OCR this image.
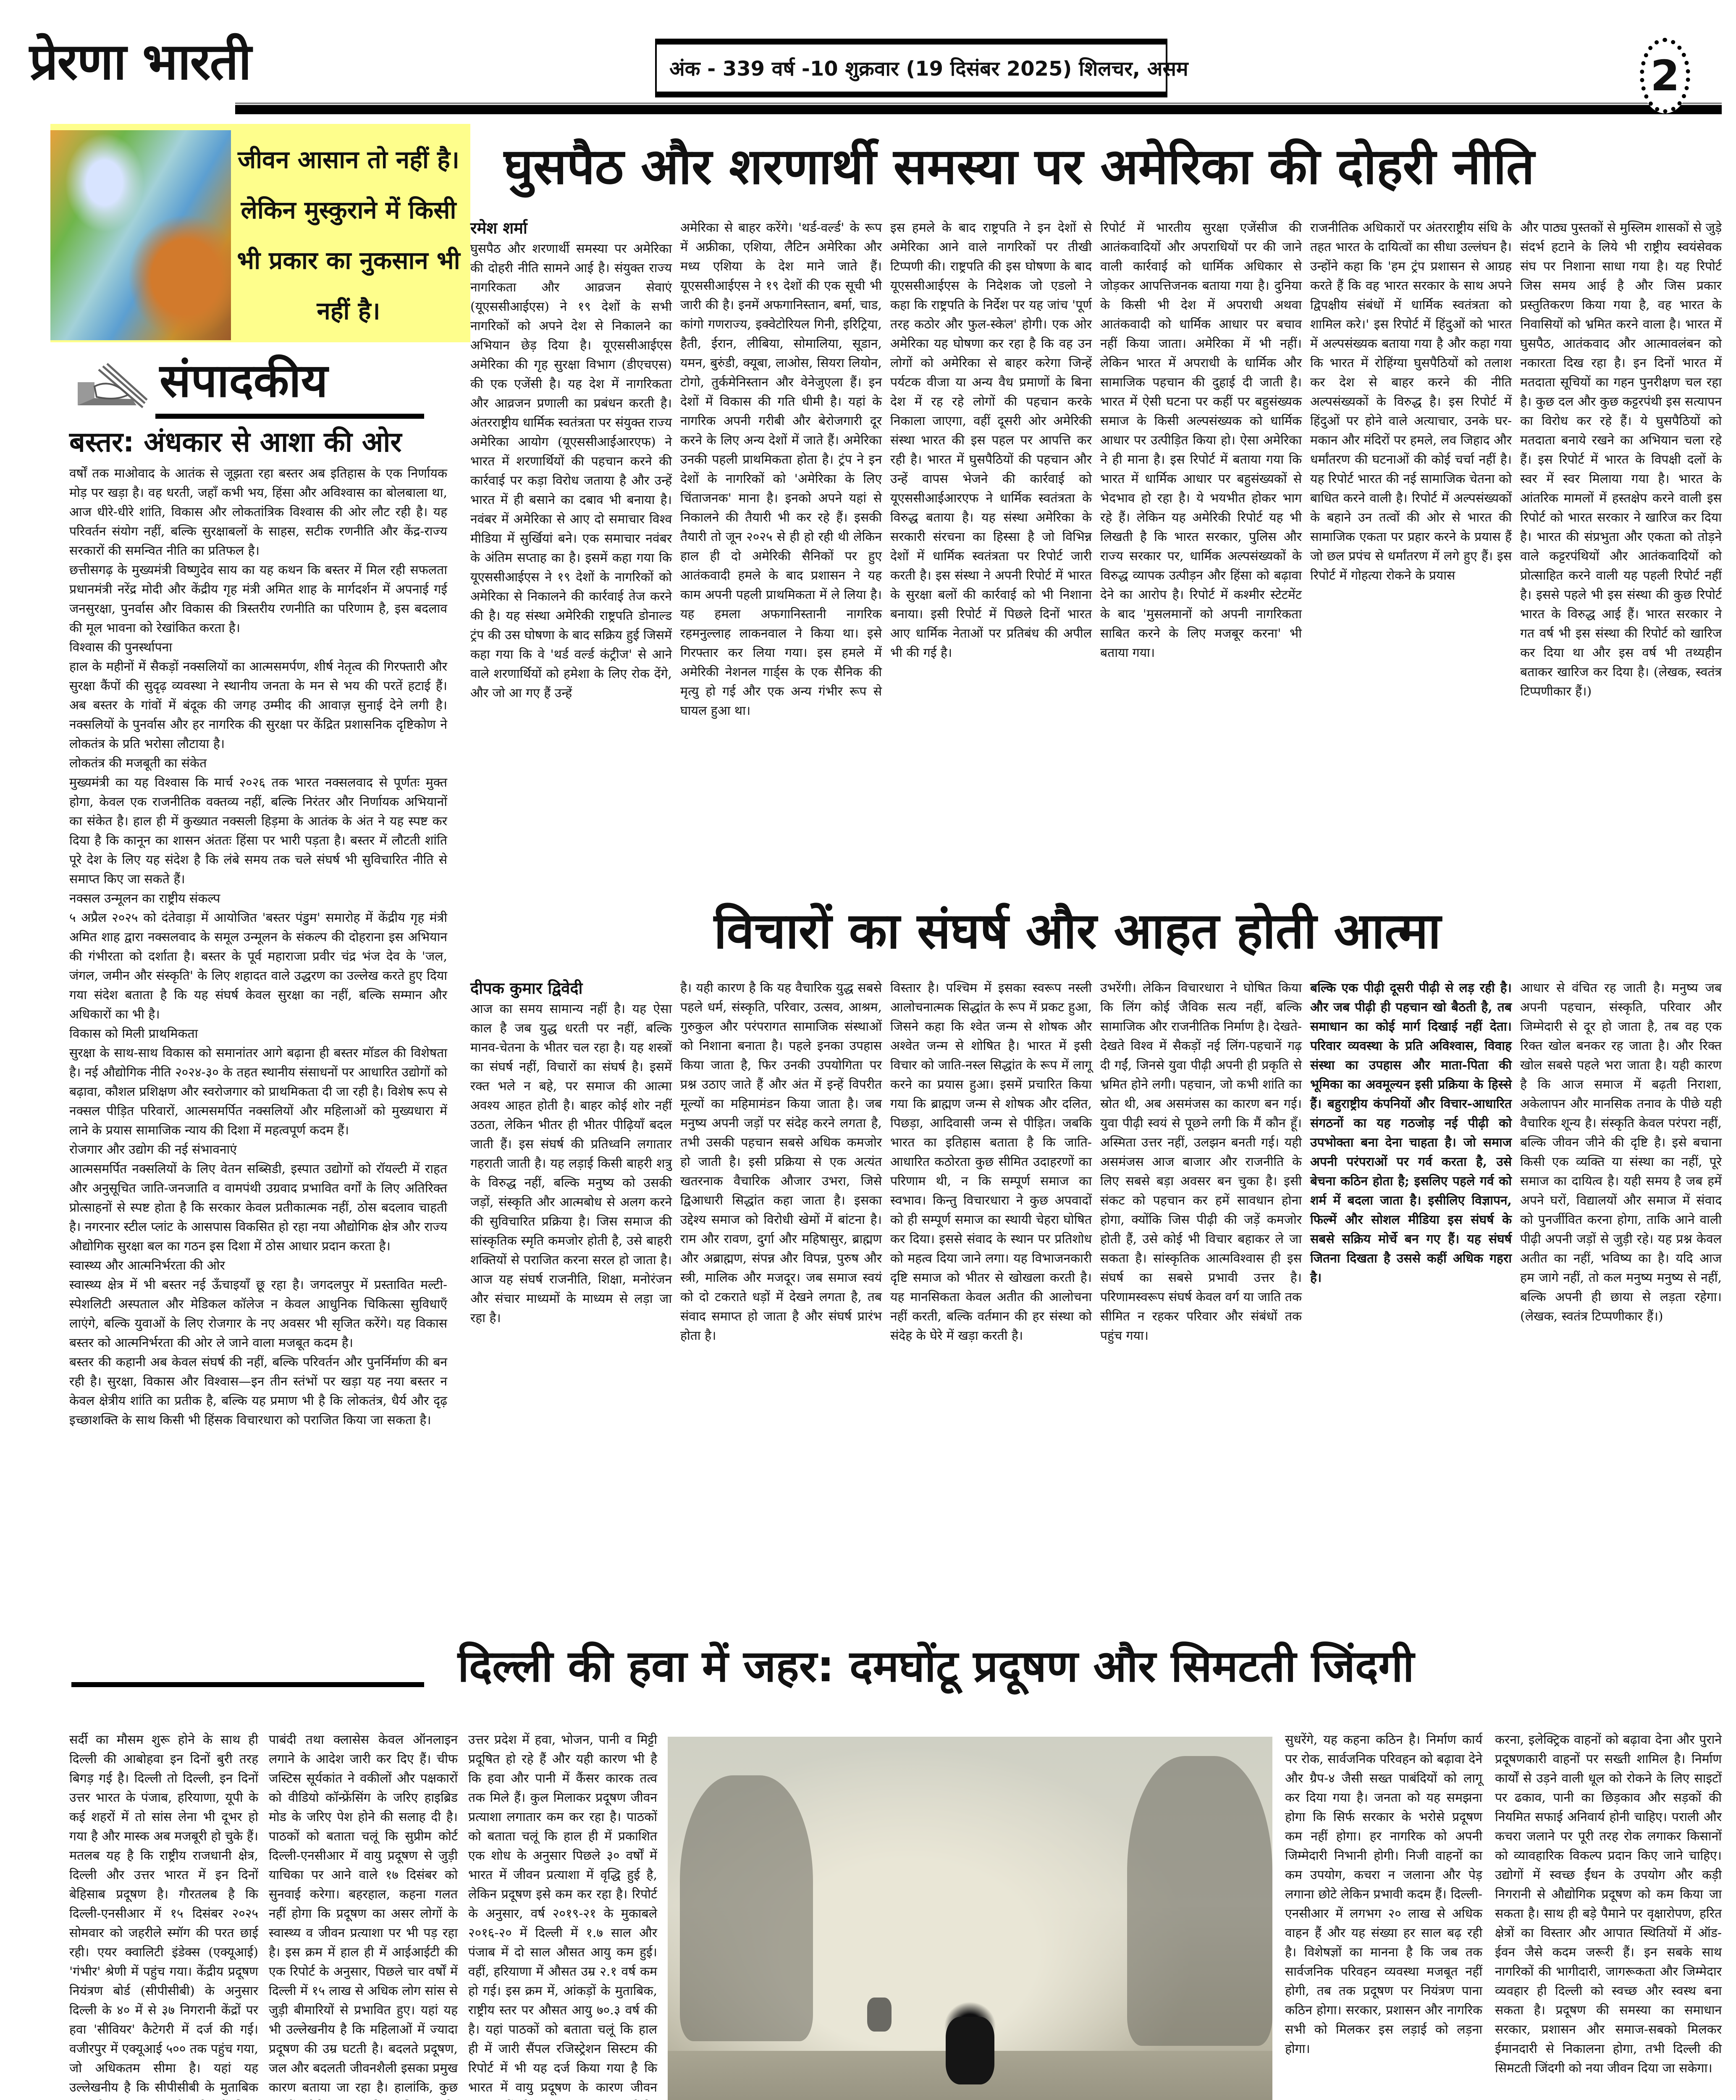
प्रेरणा भारती	अंक - 339 वर्ष -10 शुक्रवार (19 दिसंबर 2025) शिलचर, असम	2
जीवन आसान तो नहीं है। लेकिन मुस्कुराने में किसी भी प्रकार का नुकसान भी नहीं है।
संपादकीय
बस्तर: अंधकार से आशा की ओर

वर्षों तक माओवाद के आतंक से जूझता रहा बस्तर अब इतिहास के एक निर्णायक मोड़ पर खड़ा है। वह धरती, जहाँ कभी भय, हिंसा और अविश्वास का बोलबाला था, आज धीरे-धीरे शांति, विकास और लोकतांत्रिक विश्वास की ओर लौट रही है। यह परिवर्तन संयोग नहीं, बल्कि सुरक्षाबलों के साहस, सटीक रणनीति और केंद्र-राज्य सरकारों की समन्वित नीति का प्रतिफल है।

छत्तीसगढ़ के मुख्यमंत्री विष्णुदेव साय का यह कथन कि बस्तर में मिल रही सफलता प्रधानमंत्री नरेंद्र मोदी और केंद्रीय गृह मंत्री अमित शाह के मार्गदर्शन में अपनाई गई जनसुरक्षा, पुनर्वास और विकास की त्रिस्तरीय रणनीति का परिणाम है, इस बदलाव की मूल भावना को रेखांकित करता है।

विश्वास की पुनर्स्थापना

हाल के महीनों में सैकड़ों नक्सलियों का आत्मसमर्पण, शीर्ष नेतृत्व की गिरफ्तारी और सुरक्षा कैंपों की सुदृढ़ व्यवस्था ने स्थानीय जनता के मन से भय की परतें हटाई हैं। अब बस्तर के गांवों में बंदूक की जगह उम्मीद की आवाज़ सुनाई देने लगी है। नक्सलियों के पुनर्वास और हर नागरिक की सुरक्षा पर केंद्रित प्रशासनिक दृष्टिकोण ने लोकतंत्र के प्रति भरोसा लौटाया है।

लोकतंत्र की मजबूती का संकेत

मुख्यमंत्री का यह विश्वास कि मार्च २०२६ तक भारत नक्सलवाद से पूर्णतः मुक्त होगा, केवल एक राजनीतिक वक्तव्य नहीं, बल्कि निरंतर और निर्णायक अभियानों का संकेत है। हाल ही में कुख्यात नक्सली हिड़मा के आतंक के अंत ने यह स्पष्ट कर दिया है कि कानून का शासन अंततः हिंसा पर भारी पड़ता है। बस्तर में लौटती शांति पूरे देश के लिए यह संदेश है कि लंबे समय तक चले संघर्ष भी सुविचारित नीति से समाप्त किए जा सकते हैं।

नक्सल उन्मूलन का राष्ट्रीय संकल्प

५ अप्रैल २०२५ को दंतेवाड़ा में आयोजित 'बस्तर पंडुम' समारोह में केंद्रीय गृह मंत्री अमित शाह द्वारा नक्सलवाद के समूल उन्मूलन के संकल्प की दोहराना इस अभियान की गंभीरता को दर्शाता है। बस्तर के पूर्व महाराजा प्रवीर चंद्र भंज देव के 'जल, जंगल, जमीन और संस्कृति' के लिए शहादत वाले उद्धरण का उल्लेख करते हुए दिया गया संदेश बताता है कि यह संघर्ष केवल सुरक्षा का नहीं, बल्कि सम्मान और अधिकारों का भी है।

विकास को मिली प्राथमिकता

सुरक्षा के साथ-साथ विकास को समानांतर आगे बढ़ाना ही बस्तर मॉडल की विशेषता है। नई औद्योगिक नीति २०२४-३० के तहत स्थानीय संसाधनों पर आधारित उद्योगों को बढ़ावा, कौशल प्रशिक्षण और स्वरोजगार को प्राथमिकता दी जा रही है। विशेष रूप से नक्सल पीड़ित परिवारों, आत्मसमर्पित नक्सलियों और महिलाओं को मुख्यधारा में लाने के प्रयास सामाजिक न्याय की दिशा में महत्वपूर्ण कदम हैं।

रोजगार और उद्योग की नई संभावनाएं

आत्मसमर्पित नक्सलियों के लिए वेतन सब्सिडी, इस्पात उद्योगों को रॉयल्टी में राहत और अनुसूचित जाति-जनजाति व वामपंथी उग्रवाद प्रभावित वर्गों के लिए अतिरिक्त प्रोत्साहनों से स्पष्ट होता है कि सरकार केवल प्रतीकात्मक नहीं, ठोस बदलाव चाहती है। नगरनार स्टील प्लांट के आसपास विकसित हो रहा नया औद्योगिक क्षेत्र और राज्य औद्योगिक सुरक्षा बल का गठन इस दिशा में ठोस आधार प्रदान करता है।

स्वास्थ्य और आत्मनिर्भरता की ओर

स्वास्थ्य क्षेत्र में भी बस्तर नई ऊँचाइयाँ छू रहा है। जगदलपुर में प्रस्तावित मल्टी-स्पेशलिटी अस्पताल और मेडिकल कॉलेज न केवल आधुनिक चिकित्सा सुविधाएँ लाएंगे, बल्कि युवाओं के लिए रोजगार के नए अवसर भी सृजित करेंगे। यह विकास बस्तर को आत्मनिर्भरता की ओर ले जाने वाला मजबूत कदम है।

बस्तर की कहानी अब केवल संघर्ष की नहीं, बल्कि परिवर्तन और पुनर्निर्माण की बन रही है। सुरक्षा, विकास और विश्वास—इन तीन स्तंभों पर खड़ा यह नया बस्तर न केवल क्षेत्रीय शांति का प्रतीक है, बल्कि यह प्रमाण भी है कि लोकतंत्र, धैर्य और दृढ़ इच्छाशक्ति के साथ किसी भी हिंसक विचारधारा को पराजित किया जा सकता है।

घुसपैठ और शरणार्थी समस्या पर अमेरिका की दोहरी नीति
रमेश शर्मा

घुसपैठ और शरणार्थी समस्या पर अमेरिका की दोहरी नीति सामने आई है। संयुक्त राज्य नागरिकता और आव्रजन सेवाएं (यूएससीआईएस) ने १९ देशों के सभी नागरिकों को अपने देश से निकालने का अभियान छेड़ दिया है। यूएससीआईएस अमेरिका की गृह सुरक्षा विभाग (डीएचएस) की एक एजेंसी है। यह देश में नागरिकता और आव्रजन प्रणाली का प्रबंधन करती है। अंतरराष्ट्रीय धार्मिक स्वतंत्रता पर संयुक्त राज्य अमेरिका आयोग (यूएससीआईआरएफ) ने भारत में शरणार्थियों की पहचान करने की कार्रवाई पर कड़ा विरोध जताया है और उन्हें भारत में ही बसाने का दबाव भी बनाया है। नवंबर में अमेरिका से आए दो समाचार विश्व मीडिया में सुर्खियां बने। एक समाचार नवंबर के अंतिम सप्ताह का है। इसमें कहा गया कि यूएससीआईएस ने १९ देशों के नागरिकों को अमेरिका से निकालने की कार्रवाई तेज करने की है। यह संस्था अमेरिकी राष्ट्रपति डोनाल्ड ट्रंप की उस घोषणा के बाद सक्रिय हुई जिसमें कहा गया कि वे 'थर्ड वर्ल्ड कंट्रीज' से आने वाले शरणार्थियों को हमेशा के लिए रोक देंगे, और जो आ गए हैं उन्हें

अमेरिका से बाहर करेंगे। 'थर्ड-वर्ल्ड' के रूप में अफ्रीका, एशिया, लैटिन अमेरिका और मध्य एशिया के देश माने जाते हैं। यूएससीआईएस ने १९ देशों की एक सूची भी जारी की है। इनमें अफगानिस्तान, बर्मा, चाड, कांगो गणराज्य, इक्वेटोरियल गिनी, इरिट्रिया, हैती, ईरान, लीबिया, सोमालिया, सूडान, यमन, बुरुंडी, क्यूबा, लाओस, सियरा लियोन, टोगो, तुर्कमेनिस्तान और वेनेजुएला हैं। इन देशों में विकास की गति धीमी है। यहां के नागरिक अपनी गरीबी और बेरोजगारी दूर करने के लिए अन्य देशों में जाते हैं। अमेरिका उनकी पहली प्राथमिकता होता है। ट्रंप ने इन देशों के नागरिकों को 'अमेरिका के लिए चिंताजनक' माना है। इनको अपने यहां से निकालने की तैयारी भी कर रहे हैं। इसकी तैयारी तो जून २०२५ से ही हो रही थी लेकिन हाल ही दो अमेरिकी सैनिकों पर हुए आतंकवादी हमले के बाद प्रशासन ने यह काम अपनी पहली प्राथमिकता में ले लिया है। यह हमला अफगानिस्तानी नागरिक रहमनुल्लाह लाकनवाल ने किया था। इसे गिरफ्तार कर लिया गया। इस हमले में अमेरिकी नेशनल गार्ड्स के एक सैनिक की मृत्यु हो गई और एक अन्य गंभीर रूप से घायल हुआ था।

इस हमले के बाद राष्ट्रपति ने इन देशों से अमेरिका आने वाले नागरिकों पर तीखी टिप्पणी की। राष्ट्रपति की इस घोषणा के बाद यूएससीआईएस के निदेशक जो एडलो ने कहा कि राष्ट्रपति के निर्देश पर यह जांच 'पूर्ण तरह कठोर और फुल-स्केल' होगी। एक ओर अमेरिका यह घोषणा कर रहा है कि वह उन लोगों को अमेरिका से बाहर करेगा जिन्हें पर्यटक वीजा या अन्य वैध प्रमाणों के बिना देश में रह रहे लोगों की पहचान करके निकाला जाएगा, वहीं दूसरी ओर अमेरिकी संस्था भारत की इस पहल पर आपत्ति कर रही है। भारत में घुसपैठियों की पहचान और उन्हें वापस भेजने की कार्रवाई को यूएससीआईआरएफ ने धार्मिक स्वतंत्रता के विरुद्ध बताया है। यह संस्था अमेरिका के सरकारी संरचना का हिस्सा है जो विभिन्न देशों में धार्मिक स्वतंत्रता पर रिपोर्ट जारी करती है। इस संस्था ने अपनी रिपोर्ट में भारत के सुरक्षा बलों की कार्रवाई को भी निशाना बनाया। इसी रिपोर्ट में पिछले दिनों भारत आए धार्मिक नेताओं पर प्रतिबंध की अपील भी की गई है।

रिपोर्ट में भारतीय सुरक्षा एजेंसीज की आतंकवादियों और अपराधियों पर की जाने वाली कार्रवाई को धार्मिक अधिकार से जोड़कर आपत्तिजनक बताया गया है। दुनिया के किसी भी देश में अपराधी अथवा आतंकवादी को धार्मिक आधार पर बचाव नहीं किया जाता। अमेरिका में भी नहीं। लेकिन भारत में अपराधी के धार्मिक और सामाजिक पहचान की दुहाई दी जाती है। भारत में ऐसी घटना पर कहीं पर बहुसंख्यक समाज के किसी अल्पसंख्यक को धार्मिक आधार पर उत्पीड़ित किया हो। ऐसा अमेरिका ने ही माना है। इस रिपोर्ट में बताया गया कि भारत में धार्मिक आधार पर बहुसंख्यकों से भेदभाव हो रहा है। ये भयभीत होकर भाग रहे हैं। लेकिन यह अमेरिकी रिपोर्ट यह भी लिखती है कि भारत सरकार, पुलिस और राज्य सरकार पर, धार्मिक अल्पसंख्यकों के विरुद्ध व्यापक उत्पीड़न और हिंसा को बढ़ावा देने का आरोप है। रिपोर्ट में कश्मीर स्टेटमेंट के बाद 'मुसलमानों को अपनी नागरिकता साबित करने के लिए मजबूर करना' भी बताया गया।

राजनीतिक अधिकारों पर अंतरराष्ट्रीय संधि के तहत भारत के दायित्वों का सीधा उल्लंघन है। उन्होंने कहा कि 'हम ट्रंप प्रशासन से आग्रह करते हैं कि वह भारत सरकार के साथ अपने द्विपक्षीय संबंधों में धार्मिक स्वतंत्रता को शामिल करे।' इस रिपोर्ट में हिंदुओं को भारत में अल्पसंख्यक बताया गया है और कहा गया कि भारत में रोहिंग्या घुसपैठियों को तलाश कर देश से बाहर करने की नीति अल्पसंख्यकों के विरुद्ध है। इस रिपोर्ट में हिंदुओं पर होने वाले अत्याचार, उनके घर-मकान और मंदिरों पर हमले, लव जिहाद और धर्मांतरण की घटनाओं की कोई चर्चा नहीं है। यह रिपोर्ट भारत की नई सामाजिक चेतना को बाधित करने वाली है। रिपोर्ट में अल्पसंख्यकों के बहाने उन तत्वों की ओर से भारत की सामाजिक एकता पर प्रहार करने के प्रयास हैं जो छल प्रपंच से धर्मांतरण में लगे हुए हैं। इस रिपोर्ट में गोहत्या रोकने के प्रयास

और पाठ्य पुस्तकों से मुस्लिम शासकों से जुड़े संदर्भ हटाने के लिये भी राष्ट्रीय स्वयंसेवक संघ पर निशाना साधा गया है। यह रिपोर्ट जिस समय आई है और जिस प्रकार प्रस्तुतिकरण किया गया है, वह भारत के निवासियों को भ्रमित करने वाला है। भारत में घुसपैठ, आतंकवाद और आत्मावलंबन को नकारता दिख रहा है। इन दिनों भारत में मतदाता सूचियों का गहन पुनरीक्षण चल रहा है। कुछ दल और कुछ कट्टरपंथी इस सत्यापन का विरोध कर रहे हैं। ये घुसपैठियों को मतदाता बनाये रखने का अभियान चला रहे हैं। इस रिपोर्ट में भारत के विपक्षी दलों के स्वर में स्वर मिलाया गया है। भारत के आंतरिक मामलों में हस्तक्षेप करने वाली इस रिपोर्ट को भारत सरकार ने खारिज कर दिया है। भारत की संप्रभुता और एकता को तोड़ने वाले कट्टरपंथियों और आतंकवादियों को प्रोत्साहित करने वाली यह पहली रिपोर्ट नहीं है। इससे पहले भी इस संस्था की कुछ रिपोर्ट भारत के विरुद्ध आई हैं। भारत सरकार ने गत वर्ष भी इस संस्था की रिपोर्ट को खारिज कर दिया था और इस वर्ष भी तथ्यहीन बताकर खारिज कर दिया है। (लेखक, स्वतंत्र टिप्पणीकार हैं।)

विचारों का संघर्ष और आहत होती आत्मा
दीपक कुमार द्विवेदी

आज का समय सामान्य नहीं है। यह ऐसा काल है जब युद्ध धरती पर नहीं, बल्कि मानव-चेतना के भीतर चल रहा है। यह शस्त्रों का संघर्ष नहीं, विचारों का संघर्ष है। इसमें रक्त भले न बहे, पर समाज की आत्मा अवश्य आहत होती है। बाहर कोई शोर नहीं उठता, लेकिन भीतर ही भीतर पीढ़ियाँ बदल जाती हैं। इस संघर्ष की प्रतिध्वनि लगातार गहराती जाती है। यह लड़ाई किसी बाहरी शत्रु के विरुद्ध नहीं, बल्कि मनुष्य को उसकी जड़ों, संस्कृति और आत्मबोध से अलग करने की सुविचारित प्रक्रिया है। जिस समाज की सांस्कृतिक स्मृति कमजोर होती है, उसे बाहरी शक्तियों से पराजित करना सरल हो जाता है। आज यह संघर्ष राजनीति, शिक्षा, मनोरंजन और संचार माध्यमों के माध्यम से लड़ा जा रहा है।

है। यही कारण है कि यह वैचारिक युद्ध सबसे पहले धर्म, संस्कृति, परिवार, उत्सव, आश्रम, गुरुकुल और परंपरागत सामाजिक संस्थाओं को निशाना बनाता है। पहले इनका उपहास किया जाता है, फिर उनकी उपयोगिता पर प्रश्न उठाए जाते हैं और अंत में इन्हें विपरीत मूल्यों का महिमामंडन किया जाता है। जब मनुष्य अपनी जड़ों पर संदेह करने लगता है, तभी उसकी पहचान सबसे अधिक कमजोर हो जाती है। इसी प्रक्रिया से एक अत्यंत खतरनाक वैचारिक औजार उभरा, जिसे द्विआधारी सिद्धांत कहा जाता है। इसका उद्देश्य समाज को विरोधी खेमों में बांटना है। राम और रावण, दुर्गा और महिषासुर, ब्राह्मण और अब्राह्मण, संपन्न और विपन्न, पुरुष और स्त्री, मालिक और मजदूर। जब समाज स्वयं को दो टकराते धड़ों में देखने लगता है, तब संवाद समाप्त हो जाता है और संघर्ष प्रारंभ होता है।

विस्तार है। पश्चिम में इसका स्वरूप नस्ली आलोचनात्मक सिद्धांत के रूप में प्रकट हुआ, जिसने कहा कि श्वेत जन्म से शोषक और अश्वेत जन्म से शोषित है। भारत में इसी विचार को जाति-नस्ल सिद्धांत के रूप में लागू करने का प्रयास हुआ। इसमें प्रचारित किया गया कि ब्राह्मण जन्म से शोषक और दलित, पिछड़ा, आदिवासी जन्म से पीड़ित। जबकि भारत का इतिहास बताता है कि जाति-आधारित कठोरता कुछ सीमित उदाहरणों का परिणाम थी, न कि सम्पूर्ण समाज का स्वभाव। किन्तु विचारधारा ने कुछ अपवादों को ही सम्पूर्ण समाज का स्थायी चेहरा घोषित कर दिया। इससे संवाद के स्थान पर प्रतिशोध को महत्व दिया जाने लगा। यह विभाजनकारी दृष्टि समाज को भीतर से खोखला करती है। यह मानसिकता केवल अतीत की आलोचना नहीं करती, बल्कि वर्तमान की हर संस्था को संदेह के घेरे में खड़ा करती है।

उभरेंगी। लेकिन विचारधारा ने घोषित किया कि लिंग कोई जैविक सत्य नहीं, बल्कि सामाजिक और राजनीतिक निर्माण है। देखते-देखते विश्व में सैकड़ों नई लिंग-पहचानें गढ़ दी गईं, जिनसे युवा पीढ़ी अपनी ही प्रकृति से भ्रमित होने लगी। पहचान, जो कभी शांति का स्रोत थी, अब असमंजस का कारण बन गई। युवा पीढ़ी स्वयं से पूछने लगी कि मैं कौन हूँ। अस्मिता उत्तर नहीं, उलझन बनती गई। यही असमंजस आज बाजार और राजनीति के लिए सबसे बड़ा अवसर बन चुका है। इसी संकट को पहचान कर हमें सावधान होना होगा, क्योंकि जिस पीढ़ी की जड़ें कमजोर होती हैं, उसे कोई भी विचार बहाकर ले जा सकता है। सांस्कृतिक आत्मविश्वास ही इस संघर्ष का सबसे प्रभावी उत्तर है। परिणामस्वरूप संघर्ष केवल वर्ग या जाति तक सीमित न रहकर परिवार और संबंधों तक पहुंच गया।

बल्कि एक पीढ़ी दूसरी पीढ़ी से लड़ रही है। और जब पीढ़ी ही पहचान खो बैठती है, तब समाधान का कोई मार्ग दिखाई नहीं देता। परिवार व्यवस्था के प्रति अविश्वास, विवाह संस्था का उपहास और माता-पिता की भूमिका का अवमूल्यन इसी प्रक्रिया के हिस्से हैं। बहुराष्ट्रीय कंपनियों और विचार-आधारित संगठनों का यह गठजोड़ नई पीढ़ी को उपभोक्ता बना देना चाहता है। जो समाज अपनी परंपराओं पर गर्व करता है, उसे बेचना कठिन होता है; इसलिए पहले गर्व को शर्म में बदला जाता है। इसीलिए विज्ञापन, फिल्में और सोशल मीडिया इस संघर्ष के सबसे सक्रिय मोर्चे बन गए हैं। यह संघर्ष जितना दिखता है उससे कहीं अधिक गहरा है।

आधार से वंचित रह जाती है। मनुष्य जब अपनी पहचान, संस्कृति, परिवार और जिम्मेदारी से दूर हो जाता है, तब वह एक रिक्त खोल बनकर रह जाता है। और रिक्त खोल सबसे पहले भरा जाता है। यही कारण है कि आज समाज में बढ़ती निराशा, अकेलापन और मानसिक तनाव के पीछे यही वैचारिक शून्य है। संस्कृति केवल परंपरा नहीं, बल्कि जीवन जीने की दृष्टि है। इसे बचाना किसी एक व्यक्ति या संस्था का नहीं, पूरे समाज का दायित्व है। यही समय है जब हमें अपने घरों, विद्यालयों और समाज में संवाद को पुनर्जीवित करना होगा, ताकि आने वाली पीढ़ी अपनी जड़ों से जुड़ी रहे। यह प्रश्न केवल अतीत का नहीं, भविष्य का है। यदि आज हम जागे नहीं, तो कल मनुष्य मनुष्य से नहीं, बल्कि अपनी ही छाया से लड़ता रहेगा। (लेखक, स्वतंत्र टिप्पणीकार हैं।)

दिल्ली की हवा में जहर: दमघोंटू प्रदूषण और सिमटती जिंदगी

सर्दी का मौसम शुरू होने के साथ ही दिल्ली की आबोहवा इन दिनों बुरी तरह बिगड़ गई है। दिल्ली तो दिल्ली, इन दिनों उत्तर भारत के पंजाब, हरियाणा, यूपी के कई शहरों में तो सांस लेना भी दूभर हो गया है और मास्क अब मजबूरी हो चुके हैं। मतलब यह है कि राष्ट्रीय राजधानी क्षेत्र, दिल्ली और उत्तर भारत में इन दिनों बेहिसाब प्रदूषण है। गौरतलब है कि दिल्ली-एनसीआर में १५ दिसंबर २०२५ सोमवार को जहरीले स्मॉग की परत छाई रही। एयर क्वालिटी इंडेक्स (एक्यूआई) 'गंभीर' श्रेणी में पहुंच गया। केंद्रीय प्रदूषण नियंत्रण बोर्ड (सीपीसीबी) के अनुसार दिल्ली के ४० में से ३७ निगरानी केंद्रों पर हवा 'सीवियर' कैटेगरी में दर्ज की गई। वजीरपुर में एक्यूआई ५०० तक पहुंच गया, जो अधिकतम सीमा है। यहां यह उल्लेखनीय है कि सीपीसीबी के मुताबिक

पाबंदी तथा क्लासेस केवल ऑनलाइन लगाने के आदेश जारी कर दिए हैं। चीफ जस्टिस सूर्यकांत ने वकीलों और पक्षकारों को वीडियो कॉन्फ्रेंसिंग के जरिए हाइब्रिड मोड के जरिए पेश होने की सलाह दी है। पाठकों को बताता चलूं कि सुप्रीम कोर्ट दिल्ली-एनसीआर में वायु प्रदूषण से जुड़ी याचिका पर आने वाले १७ दिसंबर को सुनवाई करेगा। बहरहाल, कहना गलत नहीं होगा कि प्रदूषण का असर लोगों के स्वास्थ्य व जीवन प्रत्याशा पर भी पड़ रहा है। इस क्रम में हाल ही में आईआईटी की एक रिपोर्ट के अनुसार, पिछले चार वर्षों में दिल्ली में १५ लाख से अधिक लोग सांस से जुड़ी बीमारियों से प्रभावित हुए। यहां यह भी उल्लेखनीय है कि महिलाओं में ज्यादा प्रदूषण की उम्र घटती है। बदलते प्रदूषण, जल और बदलती जीवनशैली इसका प्रमुख कारण बताया जा रहा है। हालांकि, कुछ

उत्तर प्रदेश में हवा, भोजन, पानी व मिट्टी प्रदूषित हो रहे हैं और यही कारण भी है कि हवा और पानी में कैंसर कारक तत्व तक मिले हैं। कुल मिलाकर प्रदूषण जीवन प्रत्याशा लगातार कम कर रहा है। पाठकों को बताता चलूं कि हाल ही में प्रकाशित एक शोध के अनुसार पिछले ३० वर्षों में भारत में जीवन प्रत्याशा में वृद्धि हुई है, लेकिन प्रदूषण इसे कम कर रहा है। रिपोर्ट के अनुसार, वर्ष २०१९-२१ के मुकाबले २०१६-२० में दिल्ली में १.७ साल और पंजाब में दो साल औसत आयु कम हुई। वहीं, हरियाणा में औसत उम्र २.१ वर्ष कम हो गई। इस क्रम में, आंकड़ों के मुताबिक, राष्ट्रीय स्तर पर औसत आयु ७०.३ वर्ष की है। यहां पाठकों को बताता चलूं कि हाल ही में जारी सैंपल रजिस्ट्रेशन सिस्टम की रिपोर्ट में भी यह दर्ज किया गया है कि भारत में वायु प्रदूषण के कारण जीवन

सुधरेंगे, यह कहना कठिन है। निर्माण कार्य पर रोक, सार्वजनिक परिवहन को बढ़ावा देने और ग्रैप-४ जैसी सख्त पाबंदियों को लागू कर दिया गया है। जनता को यह समझना होगा कि सिर्फ सरकार के भरोसे प्रदूषण कम नहीं होगा। हर नागरिक को अपनी जिम्मेदारी निभानी होगी। निजी वाहनों का कम उपयोग, कचरा न जलाना और पेड़ लगाना छोटे लेकिन प्रभावी कदम हैं। दिल्ली-एनसीआर में लगभग २० लाख से अधिक वाहन हैं और यह संख्या हर साल बढ़ रही है। विशेषज्ञों का मानना है कि जब तक सार्वजनिक परिवहन व्यवस्था मजबूत नहीं होगी, तब तक प्रदूषण पर नियंत्रण पाना कठिन होगा। सरकार, प्रशासन और नागरिक सभी को मिलकर इस लड़ाई को लड़ना होगा।

करना, इलेक्ट्रिक वाहनों को बढ़ावा देना और पुराने प्रदूषणकारी वाहनों पर सख्ती शामिल है। निर्माण कार्यों से उड़ने वाली धूल को रोकने के लिए साइटों पर ढकाव, पानी का छिड़काव और सड़कों की नियमित सफाई अनिवार्य होनी चाहिए। पराली और कचरा जलाने पर पूरी तरह रोक लगाकर किसानों को व्यावहारिक विकल्प प्रदान किए जाने चाहिए। उद्योगों में स्वच्छ ईंधन के उपयोग और कड़ी निगरानी से औद्योगिक प्रदूषण को कम किया जा सकता है। साथ ही बड़े पैमाने पर वृक्षारोपण, हरित क्षेत्रों का विस्तार और आपात स्थितियों में ऑड-ईवन जैसे कदम जरूरी हैं। इन सबके साथ नागरिकों की भागीदारी, जागरूकता और जिम्मेदार व्यवहार ही दिल्ली को स्वच्छ और स्वस्थ बना सकता है। प्रदूषण की समस्या का समाधान सरकार, प्रशासन और समाज-सबको मिलकर ईमानदारी से निकालना होगा, तभी दिल्ली की सिमटती जिंदगी को नया जीवन दिया जा सकेगा।
